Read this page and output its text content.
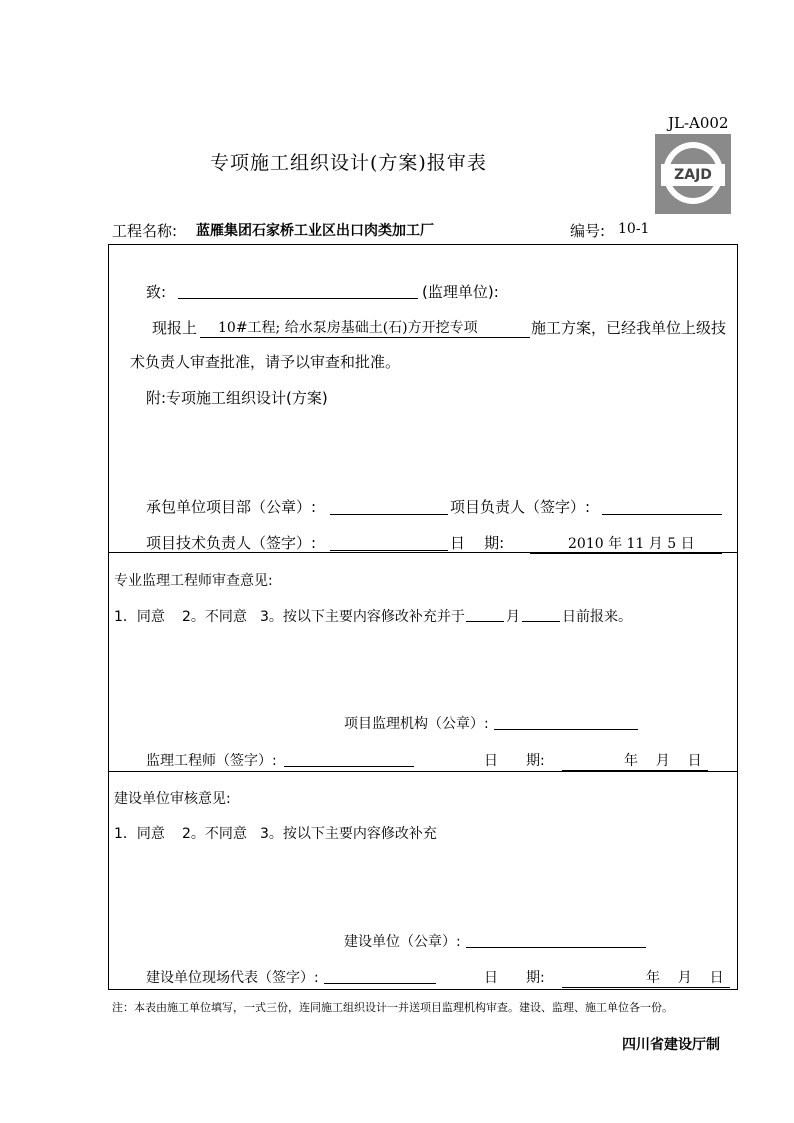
JL-A002
专项施工组织设计(方案)报审表
ZAJD
工程名称: 蓝雁集团石家桥工业区出口肉类加工厂	编号: 10-1
致:	(监理单位):
现报上	10#工程; 给水泵房基础土(石)方开挖专项	施工方案，已经我单位上级技
术负责人审查批准，请予以审查和批准。
附:专项施工组织设计(方案)
承包单位项目部（公章）:	项目负责人（签字）:
项目技术负责人（签字）:	日    期:	2010 年 11 月 5 日
专业监理工程师审查意见:
1．同意 2。不同意 3。按以下主要内容修改补充并于	月	日前报来。
项目监理机构（公章）:
监理工程师（签字）:	日 期:	年    月    日
建设单位审核意见:
1．同意 2。不同意 3。按以下主要内容修改补充
建设单位（公章）:
建设单位现场代表（签字）:	日 期:	年    月    日
注：本表由施工单位填写，一式三份，连同施工组织设计一并送项目监理机构审查。建设、监理、施工单位各一份。
四川省建设厅制
